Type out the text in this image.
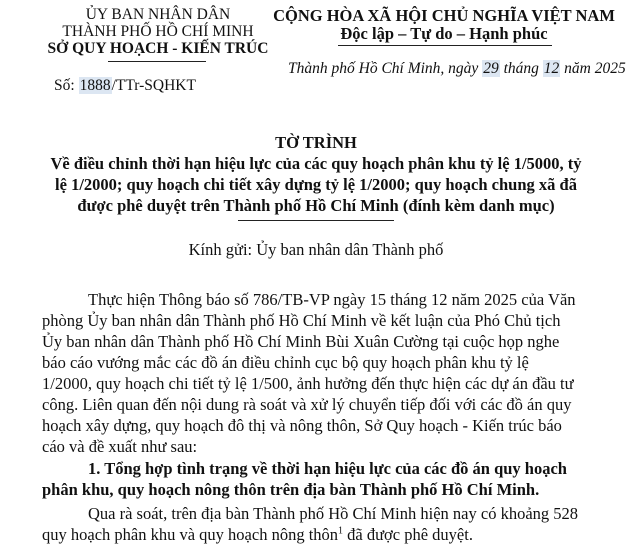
ỦY BAN NHÂN DÂN
THÀNH PHỐ HỒ CHÍ MINH
SỞ QUY HOẠCH - KIẾN TRÚC
Số: 1888/TTr-SQHKT
CỘNG HÒA XÃ HỘI CHỦ NGHĨA VIỆT NAM
Độc lập – Tự do – Hạnh phúc
Thành phố Hồ Chí Minh, ngày 29 tháng 12 năm 2025
TỜ TRÌNH
Về điều chỉnh thời hạn hiệu lực của các quy hoạch phân khu tỷ lệ 1/5000, tỷ
lệ 1/2000; quy hoạch chi tiết xây dựng tỷ lệ 1/2000; quy hoạch chung xã đã
được phê duyệt trên Thành phố Hồ Chí Minh (đính kèm danh mục)
Kính gửi: Ủy ban nhân dân Thành phố
Thực hiện Thông báo số 786/TB-VP ngày 15 tháng 12 năm 2025 của Văn
phòng Ủy ban nhân dân Thành phố Hồ Chí Minh về kết luận của Phó Chủ tịch
Ủy ban nhân dân Thành phố Hồ Chí Minh Bùi Xuân Cường tại cuộc họp nghe
báo cáo vướng mắc các đồ án điều chỉnh cục bộ quy hoạch phân khu tỷ lệ
1/2000, quy hoạch chi tiết tỷ lệ 1/500, ảnh hưởng đến thực hiện các dự án đầu tư
công. Liên quan đến nội dung rà soát và xử lý chuyển tiếp đối với các đồ án quy
hoạch xây dựng, quy hoạch đô thị và nông thôn, Sở Quy hoạch - Kiến trúc báo
cáo và đề xuất như sau:
1. Tổng hợp tình trạng về thời hạn hiệu lực của các đồ án quy hoạch
phân khu, quy hoạch nông thôn trên địa bàn Thành phố Hồ Chí Minh.
Qua rà soát, trên địa bàn Thành phố Hồ Chí Minh hiện nay có khoảng 528
quy hoạch phân khu và quy hoạch nông thôn$^1$ đã được phê duyệt.
